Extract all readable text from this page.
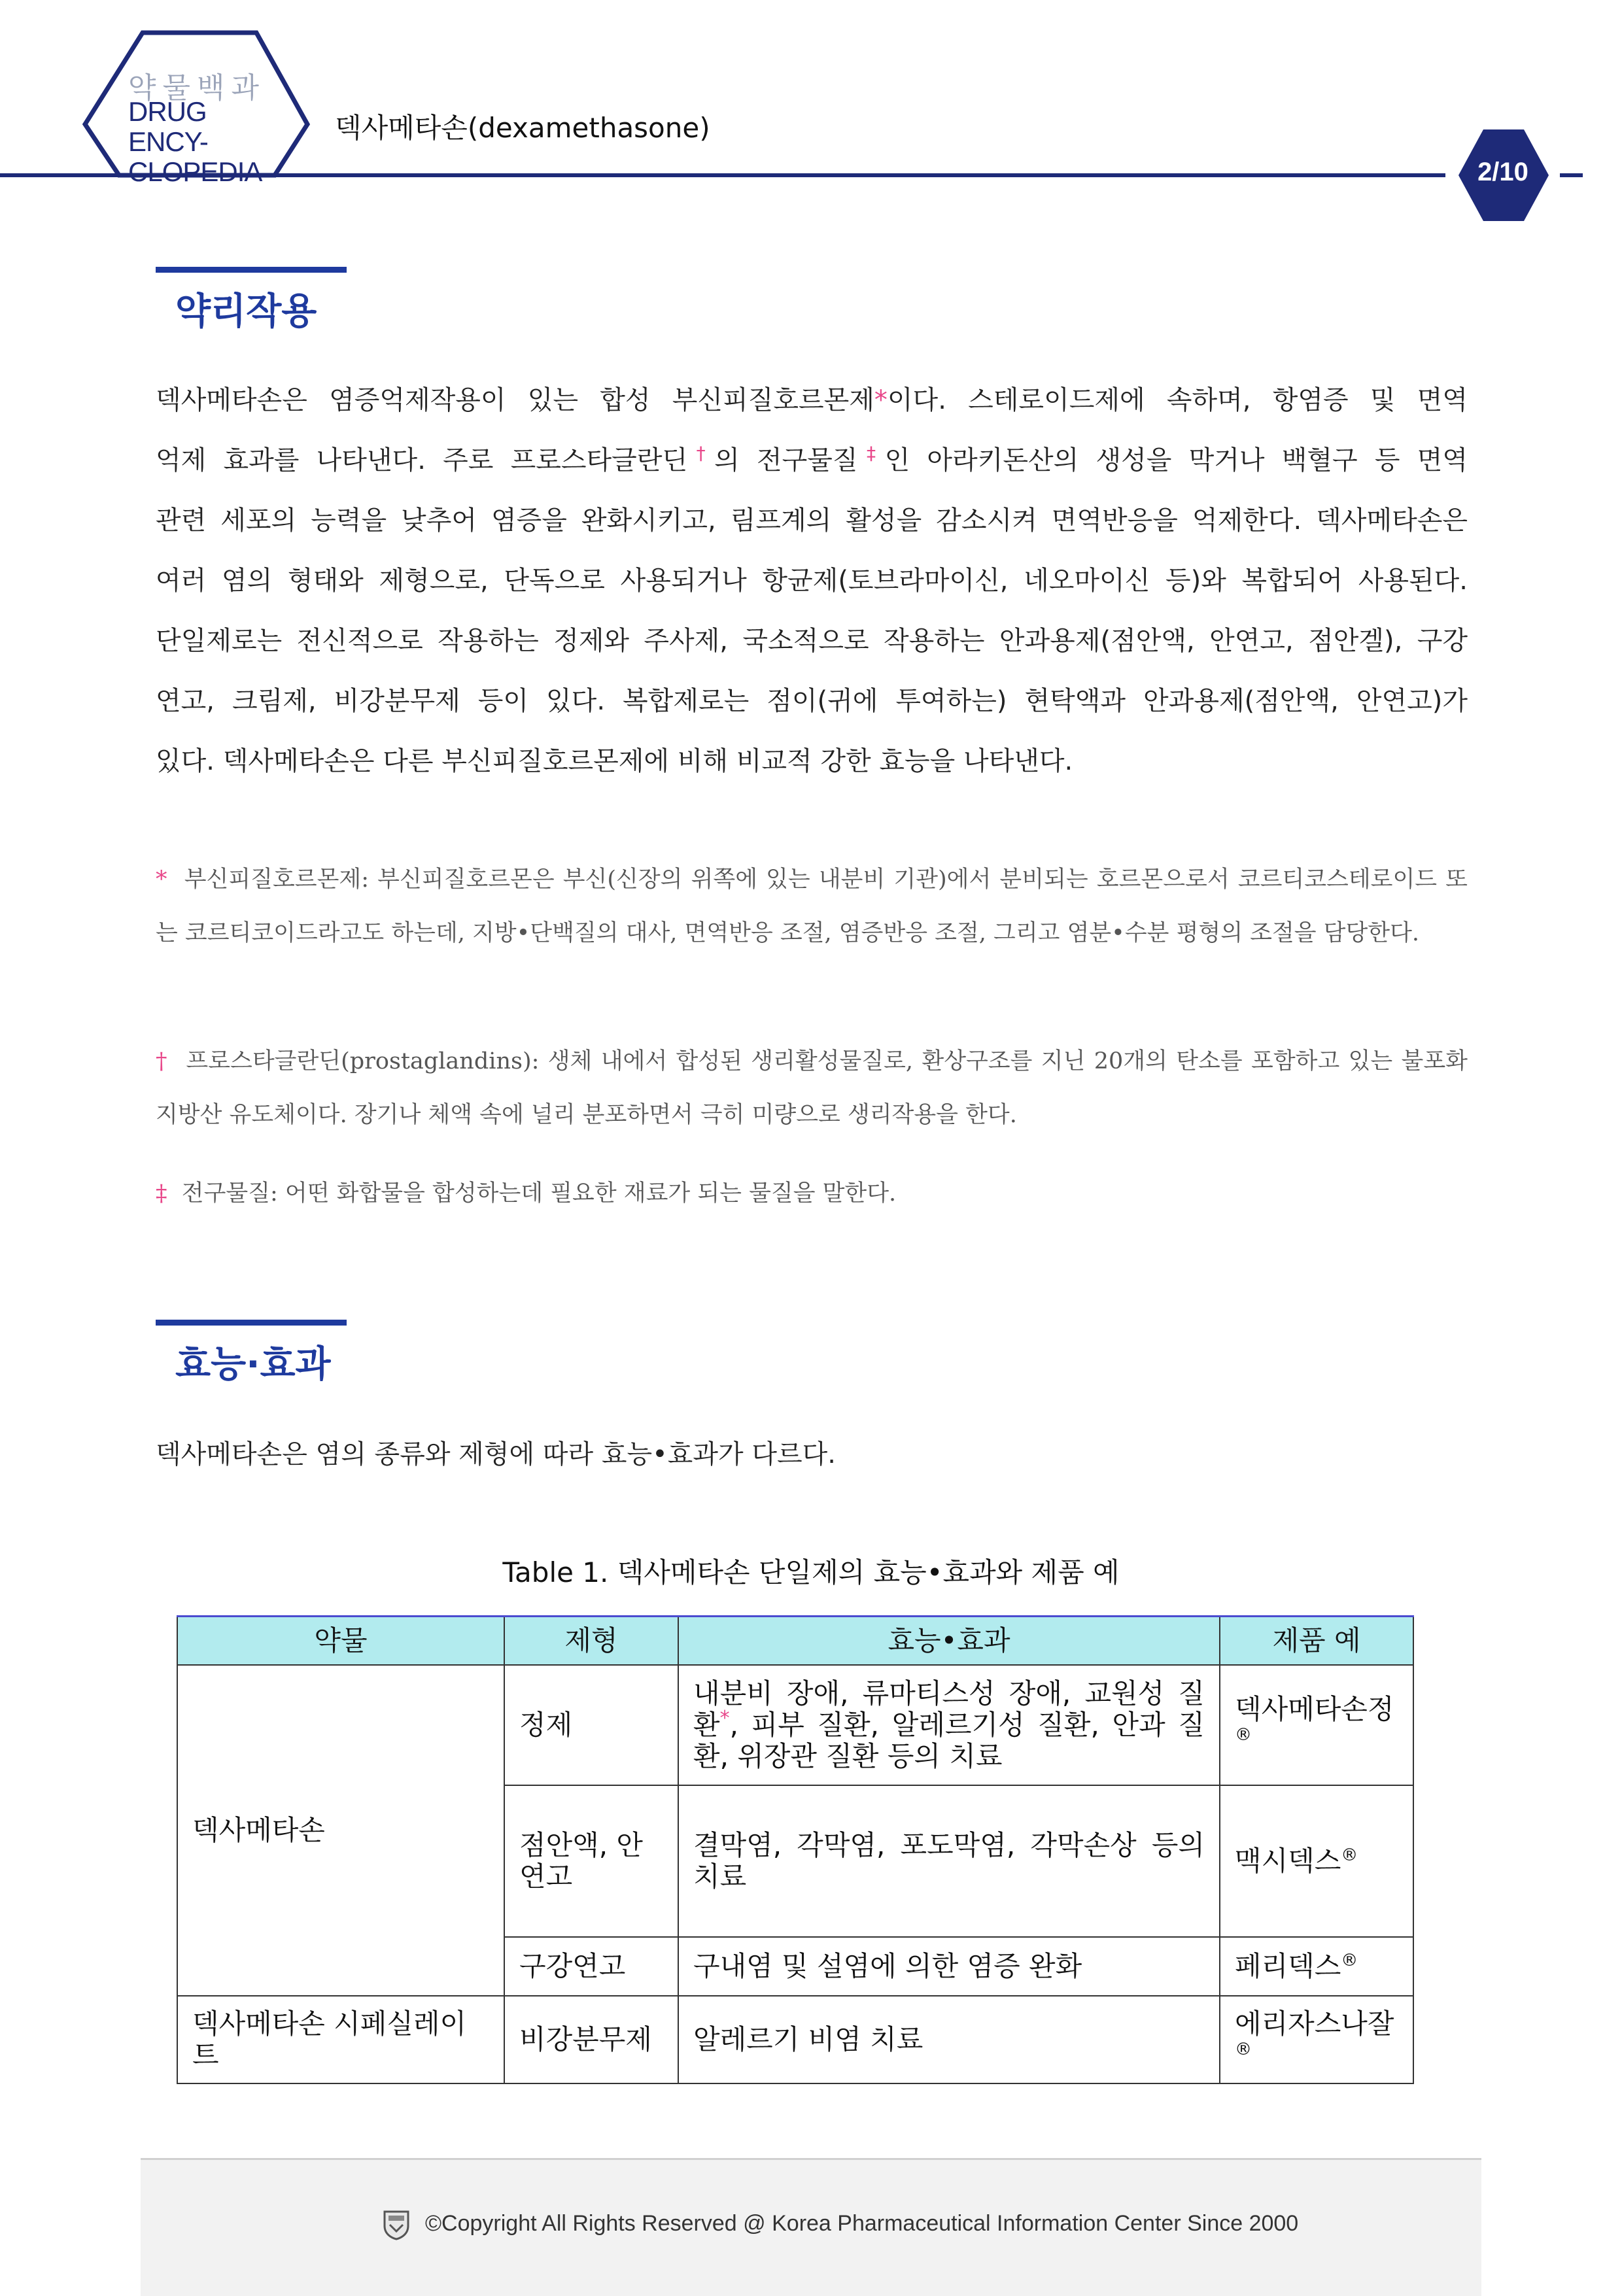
약물백과
DRUG ENCY-
CLOPEDIA
덱사메타손(dexamethasone)
2/10
약리작용
덱사메타손은 염증억제작용이 있는 합성 부신피질호르몬제*이다. 스테로이드제에 속하며, 항염증 및 면역
억제 효과를 나타낸다. 주로 프로스타글란딘†의 전구물질‡인 아라키돈산의 생성을 막거나 백혈구 등 면역
관련 세포의 능력을 낮추어 염증을 완화시키고, 림프계의 활성을 감소시켜 면역반응을 억제한다. 덱사메타손은
여러 염의 형태와 제형으로, 단독으로 사용되거나 항균제(토브라마이신, 네오마이신 등)와 복합되어 사용된다.
단일제로는 전신적으로 작용하는 정제와 주사제, 국소적으로 작용하는 안과용제(점안액, 안연고, 점안겔), 구강
연고, 크림제, 비강분무제 등이 있다. 복합제로는 점이(귀에 투여하는) 현탁액과 안과용제(점안액, 안연고)가
있다. 덱사메타손은 다른 부신피질호르몬제에 비해 비교적 강한 효능을 나타낸다.
* 부신피질호르몬제: 부신피질호르몬은 부신(신장의 위쪽에 있는 내분비 기관)에서 분비되는 호르몬으로서 코르티코스테로이드 또는 코르티코이드라고도 하는데, 지방•단백질의 대사, 면역반응 조절, 염증반응 조절, 그리고 염분•수분 평형의 조절을 담당한다.
† 프로스타글란딘(prostaglandins): 생체 내에서 합성된 생리활성물질로, 환상구조를 지닌 20개의 탄소를 포함하고 있는 불포화 지방산 유도체이다. 장기나 체액 속에 널리 분포하면서 극히 미량으로 생리작용을 한다.
‡ 전구물질: 어떤 화합물을 합성하는데 필요한 재료가 되는 물질을 말한다.
효능·효과
덱사메타손은 염의 종류와 제형에 따라 효능•효과가 다르다.
Table 1. 덱사메타손 단일제의 효능•효과와 제품 예
약물	제형	효능•효과	제품 예
덱사메타손	정제	내분비 장애, 류마티스성 장애, 교원성 질환*, 피부 질환, 알레르기성 질환, 안과 질환, 위장관 질환 등의 치료	덱사메타손정®
	점안액, 안연고	결막염, 각막염, 포도막염, 각막손상 등의 치료	맥시덱스®
	구강연고	구내염 및 설염에 의한 염증 완화	페리덱스®
덱사메타손 시페실레이트	비강분무제	알레르기 비염 치료	에리자스나잘®
©Copyright All Rights Reserved @ Korea Pharmaceutical Information Center Since 2000
